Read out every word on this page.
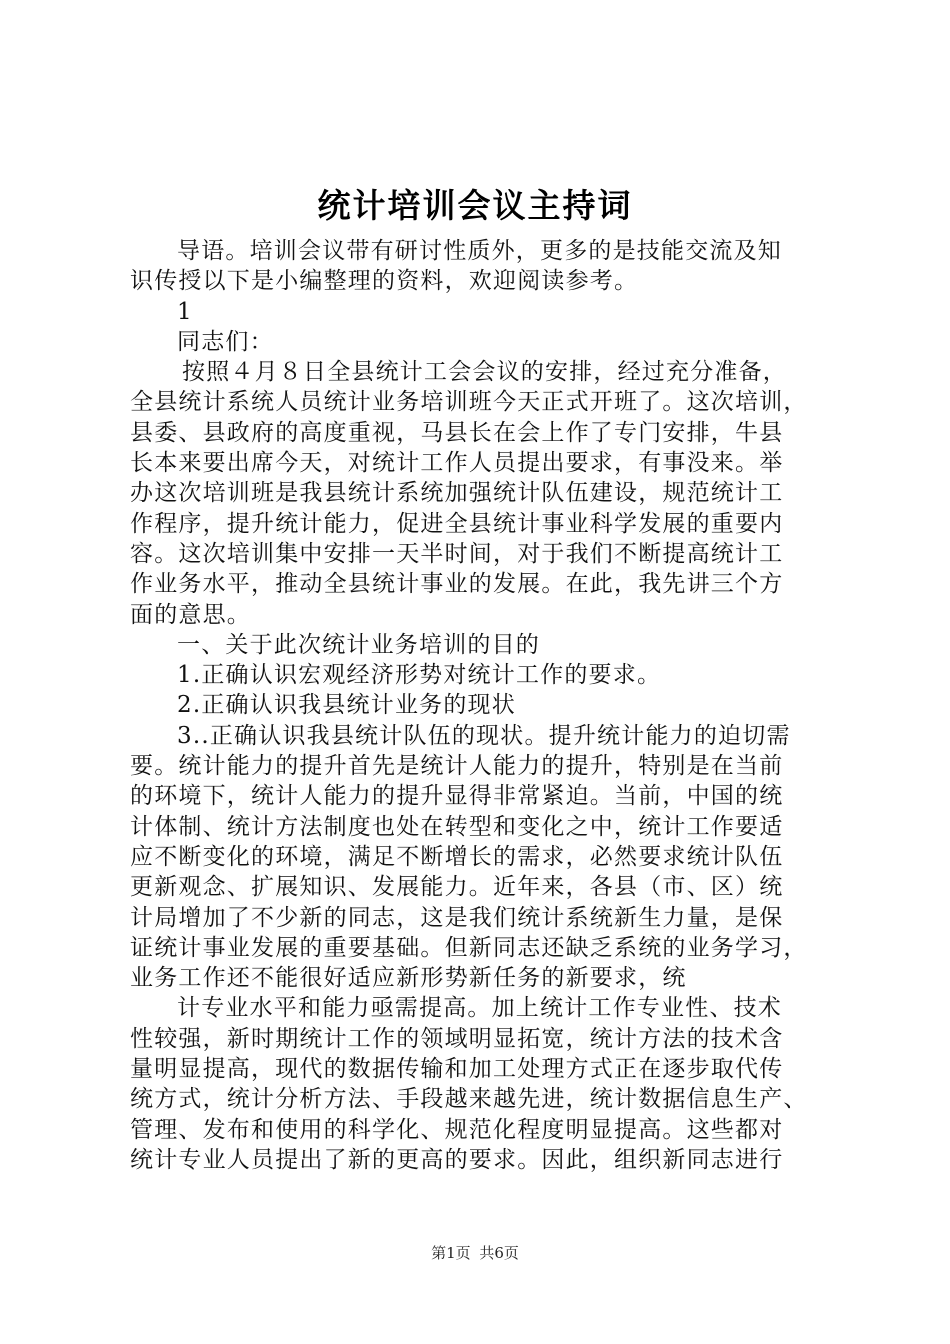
统计培训会议主持词
导语。培训会议带有研讨性质外，更多的是技能交流及知
识传授以下是小编整理的资料，欢迎阅读参考。
1
同志们：
按照４月８日全县统计工会会议的安排，经过充分准备，
全县统计系统人员统计业务培训班今天正式开班了。这次培训，
县委、县政府的高度重视，马县长在会上作了专门安排，牛县
长本来要出席今天，对统计工作人员提出要求，有事没来。举
办这次培训班是我县统计系统加强统计队伍建设，规范统计工
作程序，提升统计能力，促进全县统计事业科学发展的重要内
容。这次培训集中安排一天半时间，对于我们不断提高统计工
作业务水平，推动全县统计事业的发展。在此，我先讲三个方
面的意思。
一、关于此次统计业务培训的目的
1.正确认识宏观经济形势对统计工作的要求。
2.正确认识我县统计业务的现状
3..正确认识我县统计队伍的现状。提升统计能力的迫切需
要。统计能力的提升首先是统计人能力的提升，特别是在当前
的环境下，统计人能力的提升显得非常紧迫。当前，中国的统
计体制、统计方法制度也处在转型和变化之中，统计工作要适
应不断变化的环境，满足不断增长的需求，必然要求统计队伍
更新观念、扩展知识、发展能力。近年来，各县（市、区）统
计局增加了不少新的同志，这是我们统计系统新生力量，是保
证统计事业发展的重要基础。但新同志还缺乏系统的业务学习，
业务工作还不能很好适应新形势新任务的新要求，统
计专业水平和能力亟需提高。加上统计工作专业性、技术
性较强，新时期统计工作的领域明显拓宽，统计方法的技术含
量明显提高，现代的数据传输和加工处理方式正在逐步取代传
统方式，统计分析方法、手段越来越先进，统计数据信息生产、
管理、发布和使用的科学化、规范化程度明显提高。这些都对
统计专业人员提出了新的更高的要求。因此，组织新同志进行
第1页 共6页
